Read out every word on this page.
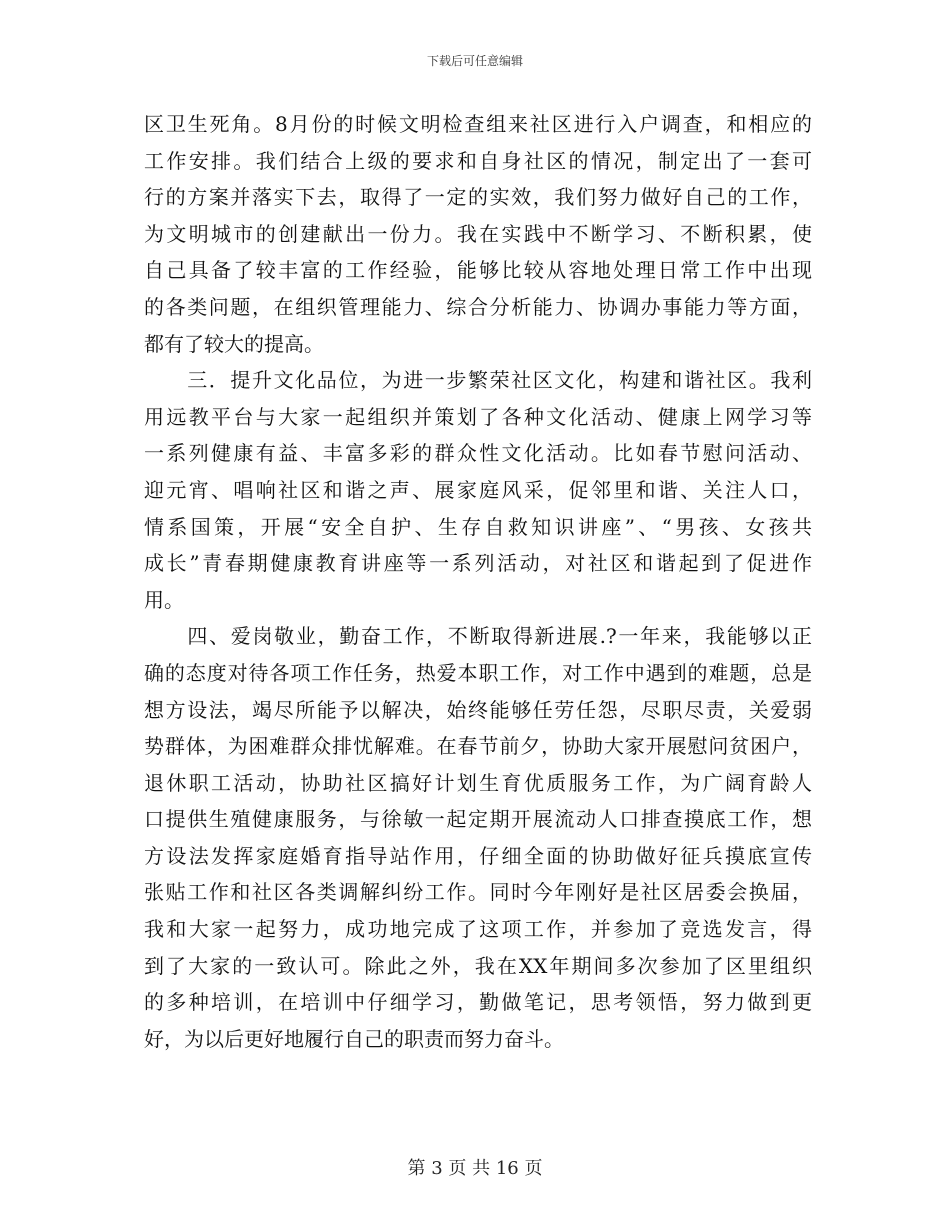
下载后可任意编辑
区卫生死角。8月份的时候文明检查组来社区进行入户调查，和相应的
工作安排。我们结合上级的要求和自身社区的情况，制定出了一套可
行的方案并落实下去，取得了一定的实效，我们努力做好自己的工作，
为文明城市的创建献出一份力。我在实践中不断学习、不断积累，使
自己具备了较丰富的工作经验，能够比较从容地处理日常工作中出现
的各类问题，在组织管理能力、综合分析能力、协调办事能力等方面，
都有了较大的提高。
　　三．提升文化品位，为进一步繁荣社区文化，构建和谐社区。我利
用远教平台与大家一起组织并策划了各种文化活动、健康上网学习等
一系列健康有益、丰富多彩的群众性文化活动。比如春节慰问活动、
迎元宵、唱响社区和谐之声、展家庭风采，促邻里和谐、关注人口，
情系国策，开展“安全自护、生存自救知识讲座”、“男孩、女孩共
成长”青春期健康教育讲座等一系列活动，对社区和谐起到了促进作
用。
　　四、爱岗敬业，勤奋工作，不断取得新进展.?一年来，我能够以正
确的态度对待各项工作任务，热爱本职工作，对工作中遇到的难题，总是
想方设法，竭尽所能予以解决，始终能够任劳任怨，尽职尽责，关爱弱
势群体，为困难群众排忧解难。在春节前夕，协助大家开展慰问贫困户，
退休职工活动，协助社区搞好计划生育优质服务工作，为广阔育龄人
口提供生殖健康服务，与徐敏一起定期开展流动人口排查摸底工作，想
方设法发挥家庭婚育指导站作用，仔细全面的协助做好征兵摸底宣传
张贴工作和社区各类调解纠纷工作。同时今年刚好是社区居委会换届，
我和大家一起努力，成功地完成了这项工作，并参加了竞选发言，得
到了大家的一致认可。除此之外，我在XX年期间多次参加了区里组织
的多种培训，在培训中仔细学习，勤做笔记，思考领悟，努力做到更
好，为以后更好地履行自己的职责而努力奋斗。
第 3 页 共 16 页
